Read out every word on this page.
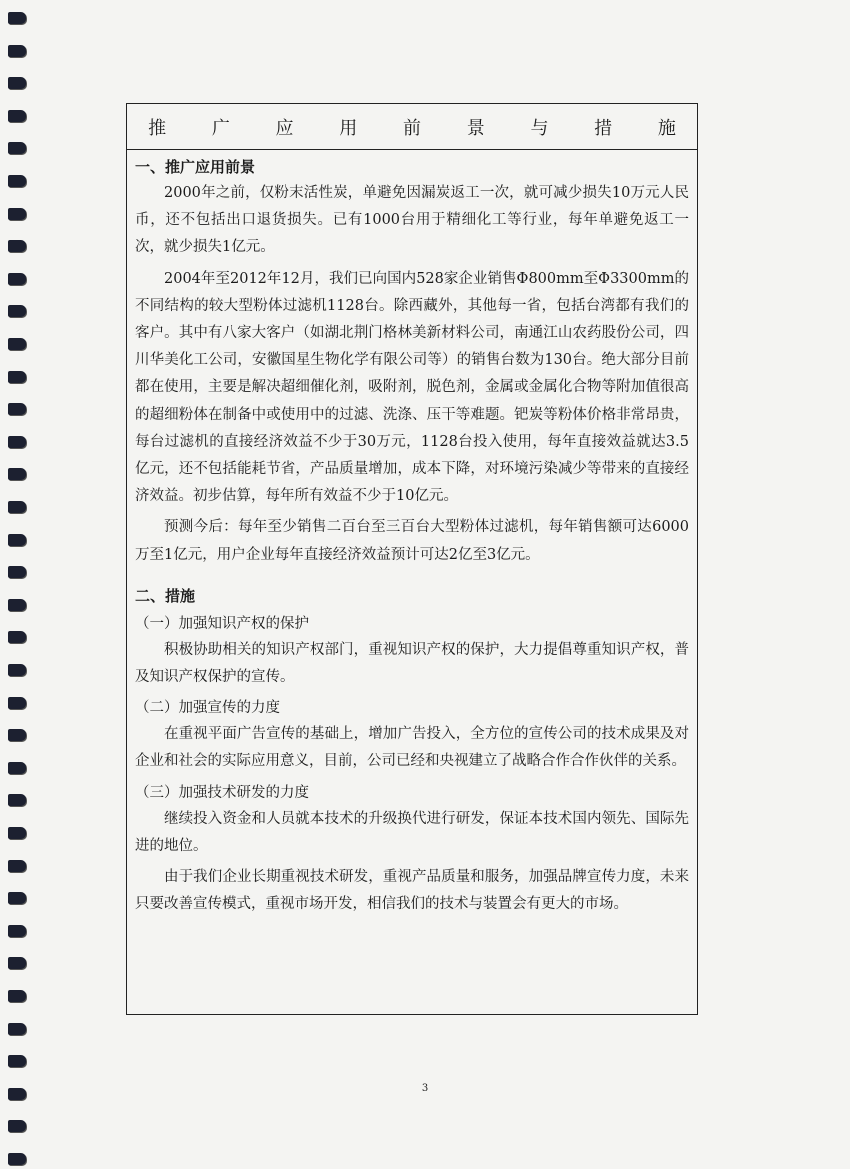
推 广 应 用 前 景 与 措 施

一、推广应用前景

2000年之前，仅粉末活性炭，单避免因漏炭返工一次，就可减少损失10万元人民币，还不包括出口退货损失。已有1000台用于精细化工等行业，每年单避免返工一次，就少损失1亿元。

2004年至2012年12月，我们已向国内528家企业销售Φ800mm至Φ3300mm的不同结构的较大型粉体过滤机1128台。除西藏外，其他每一省，包括台湾都有我们的客户。其中有八家大客户（如湖北荆门格林美新材料公司，南通江山农药股份公司，四川华美化工公司，安徽国星生物化学有限公司等）的销售台数为130台。绝大部分目前都在使用，主要是解决超细催化剂，吸附剂，脱色剂，金属或金属化合物等附加值很高的超细粉体在制备中或使用中的过滤、洗涤、压干等难题。钯炭等粉体价格非常昂贵，每台过滤机的直接经济效益不少于30万元，1128台投入使用，每年直接效益就达3.5亿元，还不包括能耗节省，产品质量增加，成本下降，对环境污染减少等带来的直接经济效益。初步估算，每年所有效益不少于10亿元。

预测今后：每年至少销售二百台至三百台大型粉体过滤机，每年销售额可达6000万至1亿元，用户企业每年直接经济效益预计可达2亿至3亿元。

二、措施

（一）加强知识产权的保护

积极协助相关的知识产权部门，重视知识产权的保护，大力提倡尊重知识产权，普及知识产权保护的宣传。

（二）加强宣传的力度

在重视平面广告宣传的基础上，增加广告投入，全方位的宣传公司的技术成果及对企业和社会的实际应用意义，目前，公司已经和央视建立了战略合作合作伙伴的关系。

（三）加强技术研发的力度

继续投入资金和人员就本技术的升级换代进行研发，保证本技术国内领先、国际先进的地位。

由于我们企业长期重视技术研发，重视产品质量和服务，加强品牌宣传力度，未来只要改善宣传模式，重视市场开发，相信我们的技术与装置会有更大的市场。

3
